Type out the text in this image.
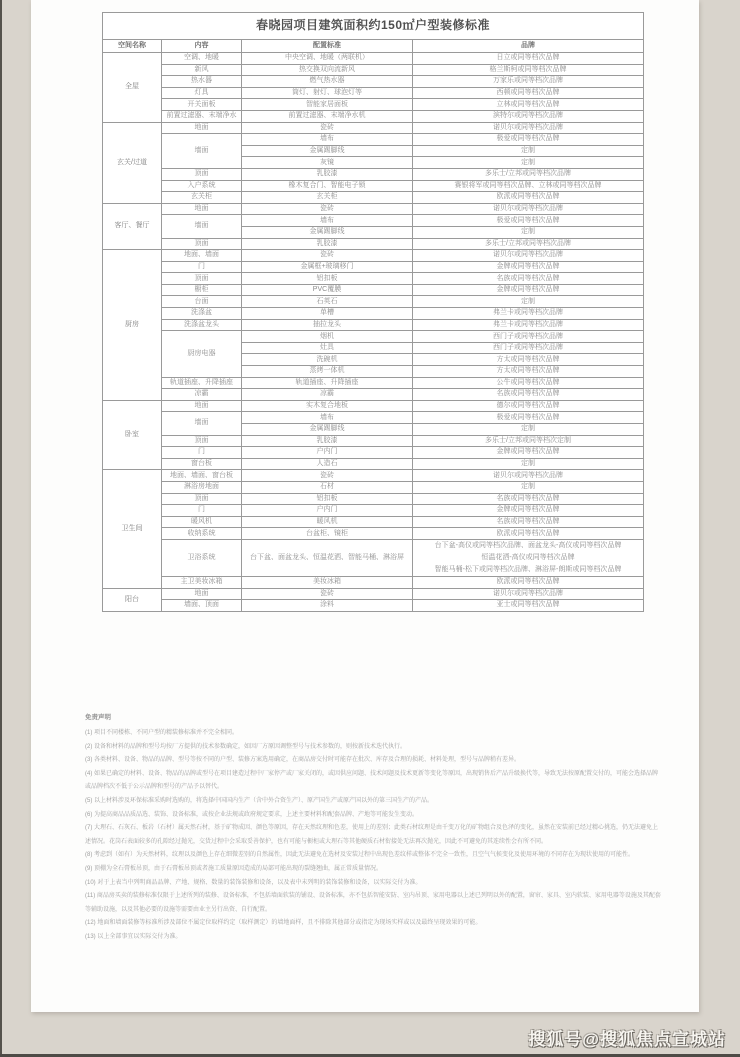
春晓园项目建筑面积约150㎡户型装修标准			
空间名称	内容	配置标准	品牌
全屋	空调、地暖	中央空调、地暖（两联机）	日立或同等档次品牌
	新风	热交换双向流新风	格兰斯柯或同等档次品牌
	热水器	燃气热水器	万家乐或同等档次品牌
	灯具	筒灯、射灯、球泡灯等	西顿或同等档次品牌
	开关面板	智能家居面板	立林或同等档次品牌
	前置过滤器、末端净水	前置过滤器、末端净水机	滨特尔或同等档次品牌
玄关/过道	地面	瓷砖	诺贝尔或同等档次品牌
	墙面	墙布	极爱或同等档次品牌
		金属踢脚线	定制
		灰镜	定制
	顶面	乳胶漆	多乐士/立邦或同等档次品牌
	入户系统	橡木复合门、智能电子锁	赛银将军或同等档次品牌、立林或同等档次品牌
	玄关柜	玄关柜	欧派或同等档次品牌
客厅、餐厅	地面	瓷砖	诺贝尔或同等档次品牌
	墙面	墙布	极爱或同等档次品牌
		金属踢脚线	定制
	顶面	乳胶漆	多乐士/立邦或同等档次品牌
厨房	地面、墙面	瓷砖	诺贝尔或同等档次品牌
	门	金属框+玻璃移门	金牌或同等档次品牌
	顶面	铝扣板	名族或同等档次品牌
	橱柜	PVC覆膜	金牌或同等档次品牌
	台面	石英石	定制
	洗涤盆	单槽	弗兰卡或同等档次品牌
	洗涤盆龙头	抽拉龙头	弗兰卡或同等档次品牌
	厨房电器	烟机	西门子或同等档次品牌
		灶具	西门子或同等档次品牌
		洗碗机	方太或同等档次品牌
		蒸烤一体机	方太或同等档次品牌
	轨道插座、升降插座	轨道插座、升降插座	公牛或同等档次品牌
	凉霸	凉霸	名族或同等档次品牌
卧室	地面	实木复合地板	德尔或同等档次品牌
	墙面	墙布	极爱或同等档次品牌
		金属踢脚线	定制
	顶面	乳胶漆	多乐士/立邦或同等档次定制
	门	户内门	金牌或同等档次品牌
	窗台板	人造石	定制
卫生间	地面、墙面、窗台板	瓷砖	诺贝尔或同等档次品牌
	淋浴房地面	石材	定制
	顶面	铝扣板	名族或同等档次品牌
	门	户内门	金牌或同等档次品牌
	暖风机	暖风机	名族或同等档次品牌
	收纳系统	台盆柜、镜柜	欧派或同等档次品牌
	卫浴系统	台下盆、面盆龙头、恒温花洒、智能马桶、淋浴屏	台下盆-高仪或同等档次品牌、面盆龙头-高仪或同等档次品牌
恒温花洒-高仪或同等档次品牌
智能马桶-松下或同等档次品牌、淋浴屏-朗斯或同等档次品牌

	主卫美妆冰箱	美妆冰箱	欧派或同等档次品牌
阳台	地面	瓷砖	诺贝尔或同等档次品牌
	墙面、顶面	涂料	亚士或同等档次品牌
免责声明
(1) 项目不同楼栋、不同户型的精装修标准并不完全相同。
(2) 设备和材料的品牌和型号均按厂方提供的技术参数确定，如因厂方原因调整型号与技术参数的，则按新技术迭代执行。
(3) 各类材料、设备、物品的品牌、型号等按不同的户型、装修方案选用确定，在商品房交付时可能存在批次、库存及合理的损耗、材料处理，型号与品牌稍有差异。
(4) 如果已确定的材料、设备、物品的品牌或型号在项目建造过程中厂家停产或厂家关闭的，或因供应问题、技术问题及技术更新等变化等原因，出现销售后产品升级换代等，导致无法按原配置交付的，可能会选择品牌或品牌档次不低于公示品牌和型号的产品予以替代。
(5) 以上材料涉及环保标准采购时选购的，将选择中国国内生产（含中外合资生产）、原产国生产或原产国以外的第三国生产的产品。
(6) 为提高商品品质品选、装饰、设备标准，或按企业法规或政府规定要求，上述主要材料和配套品牌、产地等可能发生变动。
(7) 大理石、石灰石、板岩（石材）属天然石材，基于矿物成因、颜色等原因，存在天然纹理和色差，使用上的差别；此类石材纹理是由千变万化的矿物组合及色泽的变化，虽然在安装前已经过精心挑选，仍无法避免上述情况。花岗石表面较多的孔隙经过抛光，交货过程中会采取妥善保护，也有可能与橱柜或大理石等其他硬质石材衔接处无法再次抛光，因此不可避免的其连续性会有所不同。
(8) 考虑到（如有）为天然材料，纹理以及颜色上存在细微差别的自然属性，因此无法避免在选材及安装过程中出现色差纹样或整体不完全一致性，且空气气候变化及使用环境的不同存在为现状使用的可能性。
(9) 顶棚为全石膏板吊顶，由于石膏板吊顶或者施工质量原因造成的局部可能出现的裂缝翘曲，属正常质量情况。
(10) 对于上表当中列明商品品牌、产地、规格、数量的装饰装修和设备，以及表中未列明的装饰装修和设备，以实际交付为准。
(11) 商品房买卖的装修标准仅限于上述所列的装修、设备标准，不包括墙面软装的铺设、设备标准，亦不包括智能安防、室内吊顶、家用电器以上述已列明以外的配置，窗帘、家具、室内软装、家用电器等设施及其配套等辅助设施，以及其他必要的设施等需要由业主另行出资、自行配置。
(12) 地面和墙面装修等标准所涉及部位不属定位取样约定（取样测定）的墙地面样，且不排除其他部分或指定为现场实样或以及最终呈现效果的可能。
(13) 以上全部事宜以实际交付为准。
搜狐号@搜狐焦点宣城站
